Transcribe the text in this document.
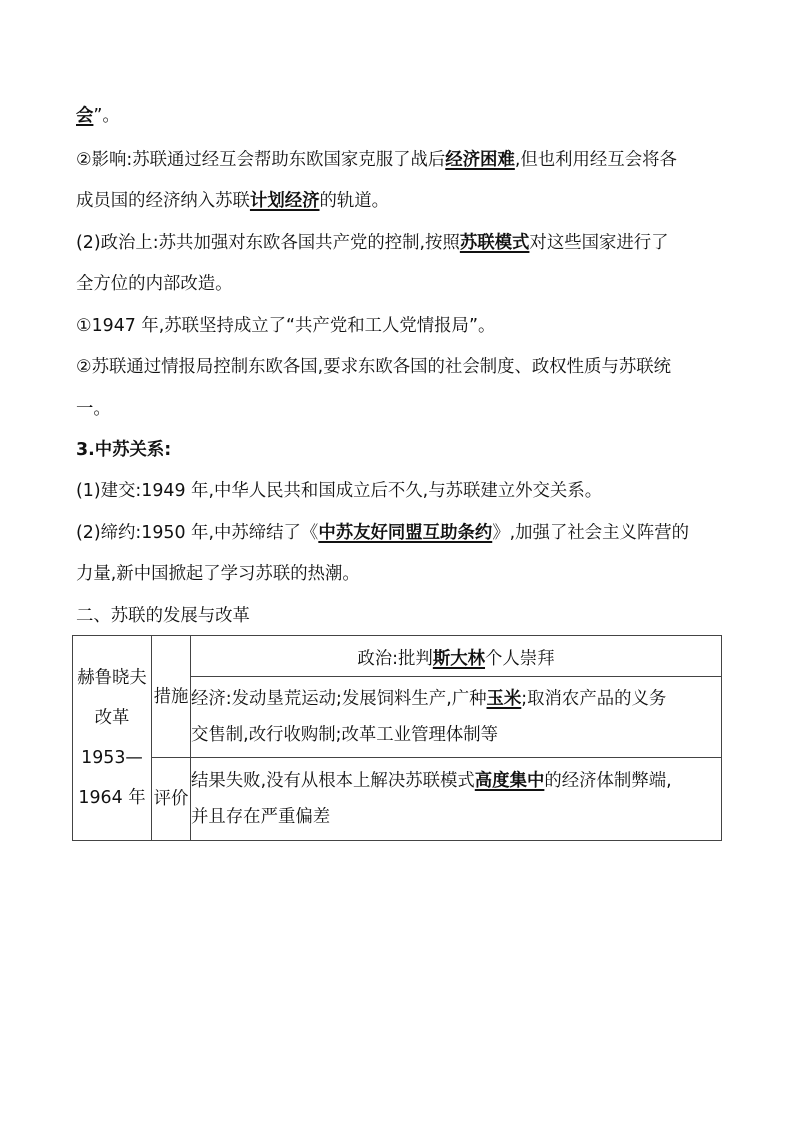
会”。
②影响:苏联通过经互会帮助东欧国家克服了战后经济困难,但也利用经互会将各
成员国的经济纳入苏联计划经济的轨道。
(2)政治上:苏共加强对东欧各国共产党的控制,按照苏联模式对这些国家进行了
全方位的内部改造。
①1947 年,苏联坚持成立了“共产党和工人党情报局”。
②苏联通过情报局控制东欧各国,要求东欧各国的社会制度、政权性质与苏联统
一。
3.中苏关系:
(1)建交:1949 年,中华人民共和国成立后不久,与苏联建立外交关系。
(2)缔约:1950 年,中苏缔结了《中苏友好同盟互助条约》,加强了社会主义阵营的
力量,新中国掀起了学习苏联的热潮。
二、苏联的发展与改革
赫鲁晓夫
改革
1953—
1964 年	措施	政治:批判斯大林个人崇拜

		经济:发动垦荒运动;发展饲料生产,广种玉米;取消农产品的义务
交售制,改行收购制;改革工业管理体制等

	评价	结果失败,没有从根本上解决苏联模式高度集中的经济体制弊端,
并且存在严重偏差
